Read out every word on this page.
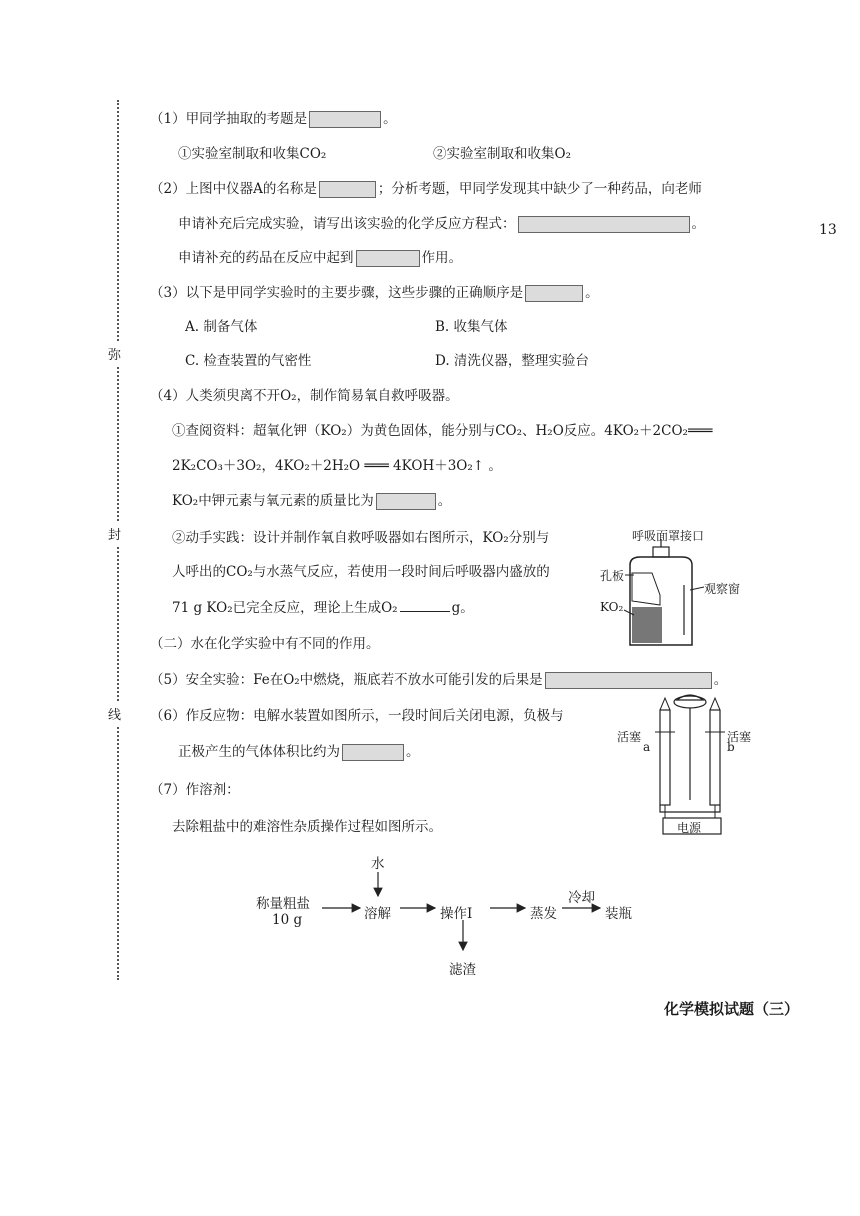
弥
封
线
13
（1）甲同学抽取的考题是	。
①实验室制取和收集CO₂	②实验室制取和收集O₂
（2）上图中仪器A的名称是	；分析考题，甲同学发现其中缺少了一种药品，向老师
申请补充后完成实验，请写出该实验的化学反应方程式：	。
申请补充的药品在反应中起到	作用。
（3）以下是甲同学实验时的主要步骤，这些步骤的正确顺序是	。
A. 制备气体	B. 收集气体
C. 检查装置的气密性	D. 清洗仪器，整理实验台
（4）人类须臾离不开O₂，制作简易氧自救呼吸器。
①查阅资料：超氧化钾（KO₂）为黄色固体，能分别与CO₂、H₂O反应。4KO₂＋2CO₂═══
2K₂CO₃＋3O₂，4KO₂＋2H₂O ═══ 4KOH＋3O₂↑ 。
KO₂中钾元素与氧元素的质量比为	。
②动手实践：设计并制作氧自救呼吸器如右图所示，KO₂分别与
人呼出的CO₂与水蒸气反应，若使用一段时间后呼吸器内盛放的
71 g KO₂已完全反应，理论上生成O₂	g。
呼吸面罩接口
孔板
观察窗
KO₂
（二）水在化学实验中有不同的作用。
（5）安全实验：Fe在O₂中燃烧，瓶底若不放水可能引发的后果是	。
（6）作反应物：电解水装置如图所示，一段时间后关闭电源，负极与
正极产生的气体体积比约为	。
活塞	活塞
a	b
电源
（7）作溶剂：
去除粗盐中的难溶性杂质操作过程如图所示。
称量粗盐
10 g
水
溶解	操作Ⅰ
滤渣
蒸发
冷却
装瓶
化学模拟试题（三）
